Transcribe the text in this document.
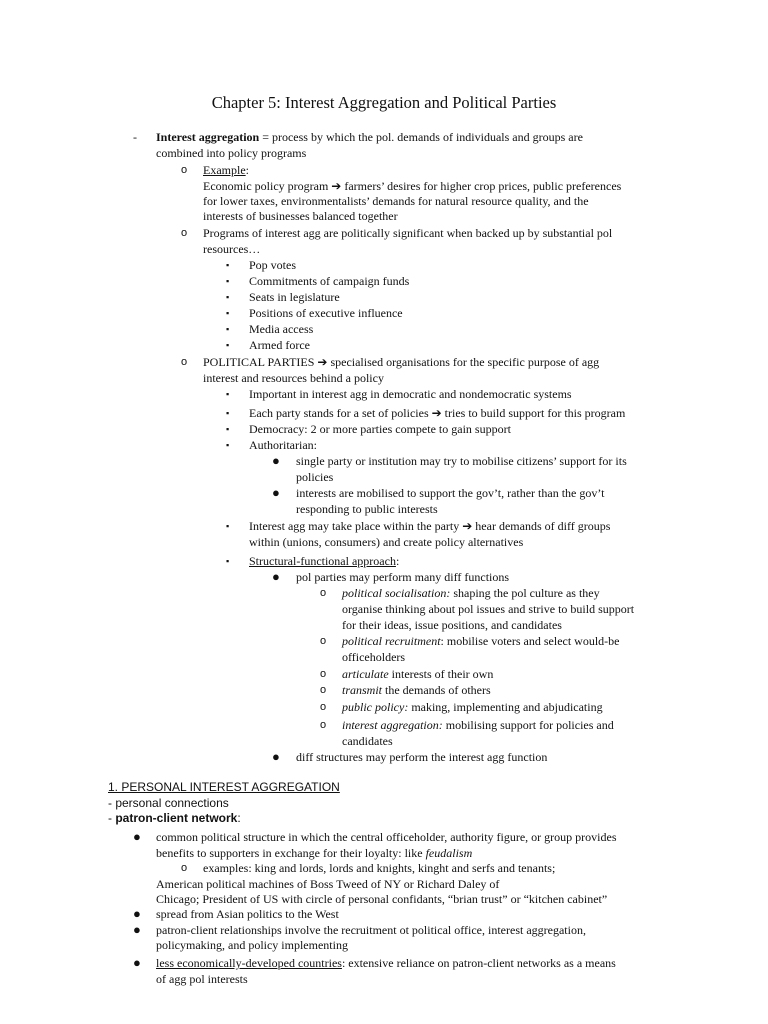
Chapter 5: Interest Aggregation and Political Parties
- Interest aggregation = process by which the pol. demands of individuals and groups are
combined into policy programs
o Example:
Economic policy program ➔ farmers’ desires for higher crop prices, public preferences
for lower taxes, environmentalists’ demands for natural resource quality, and the
interests of businesses balanced together
o Programs of interest agg are politically significant when backed up by substantial pol
resources…
▪ Pop votes
▪ Commitments of campaign funds
▪ Seats in legislature
▪ Positions of executive influence
▪ Media access
▪ Armed force
o POLITICAL PARTIES ➔ specialised organisations for the specific purpose of agg
interest and resources behind a policy
▪ Important in interest agg in democratic and nondemocratic systems
▪ Each party stands for a set of policies ➔ tries to build support for this program
▪ Democracy: 2 or more parties compete to gain support
▪ Authoritarian:
● single party or institution may try to mobilise citizens’ support for its
policies
● interests are mobilised to support the gov’t, rather than the gov’t
responding to public interests
▪ Interest agg may take place within the party ➔ hear demands of diff groups
within (unions, consumers) and create policy alternatives
▪ Structural-functional approach:
● pol parties may perform many diff functions
o political socialisation: shaping the pol culture as they
organise thinking about pol issues and strive to build support
for their ideas, issue positions, and candidates
o political recruitment: mobilise voters and select would-be
officeholders
o articulate interests of their own
o transmit the demands of others
o public policy: making, implementing and abjudicating
o interest aggregation: mobilising support for policies and
candidates
● diff structures may perform the interest agg function
1. PERSONAL INTEREST AGGREGATION
- personal connections
- patron-client network:
● common political structure in which the central officeholder, authority figure, or group provides
benefits to supporters in exchange for their loyalty: like feudalism
o examples: king and lords, lords and knights, kinght and serfs and tenants;
American political machines of Boss Tweed of NY or Richard Daley of
Chicago; President of US with circle of personal confidants, “brian trust” or “kitchen cabinet”
● spread from Asian politics to the West
● patron-client relationships involve the recruitment ot political office, interest aggregation,
policymaking, and policy implementing
● less economically-developed countries: extensive reliance on patron-client networks as a means
of agg pol interests
